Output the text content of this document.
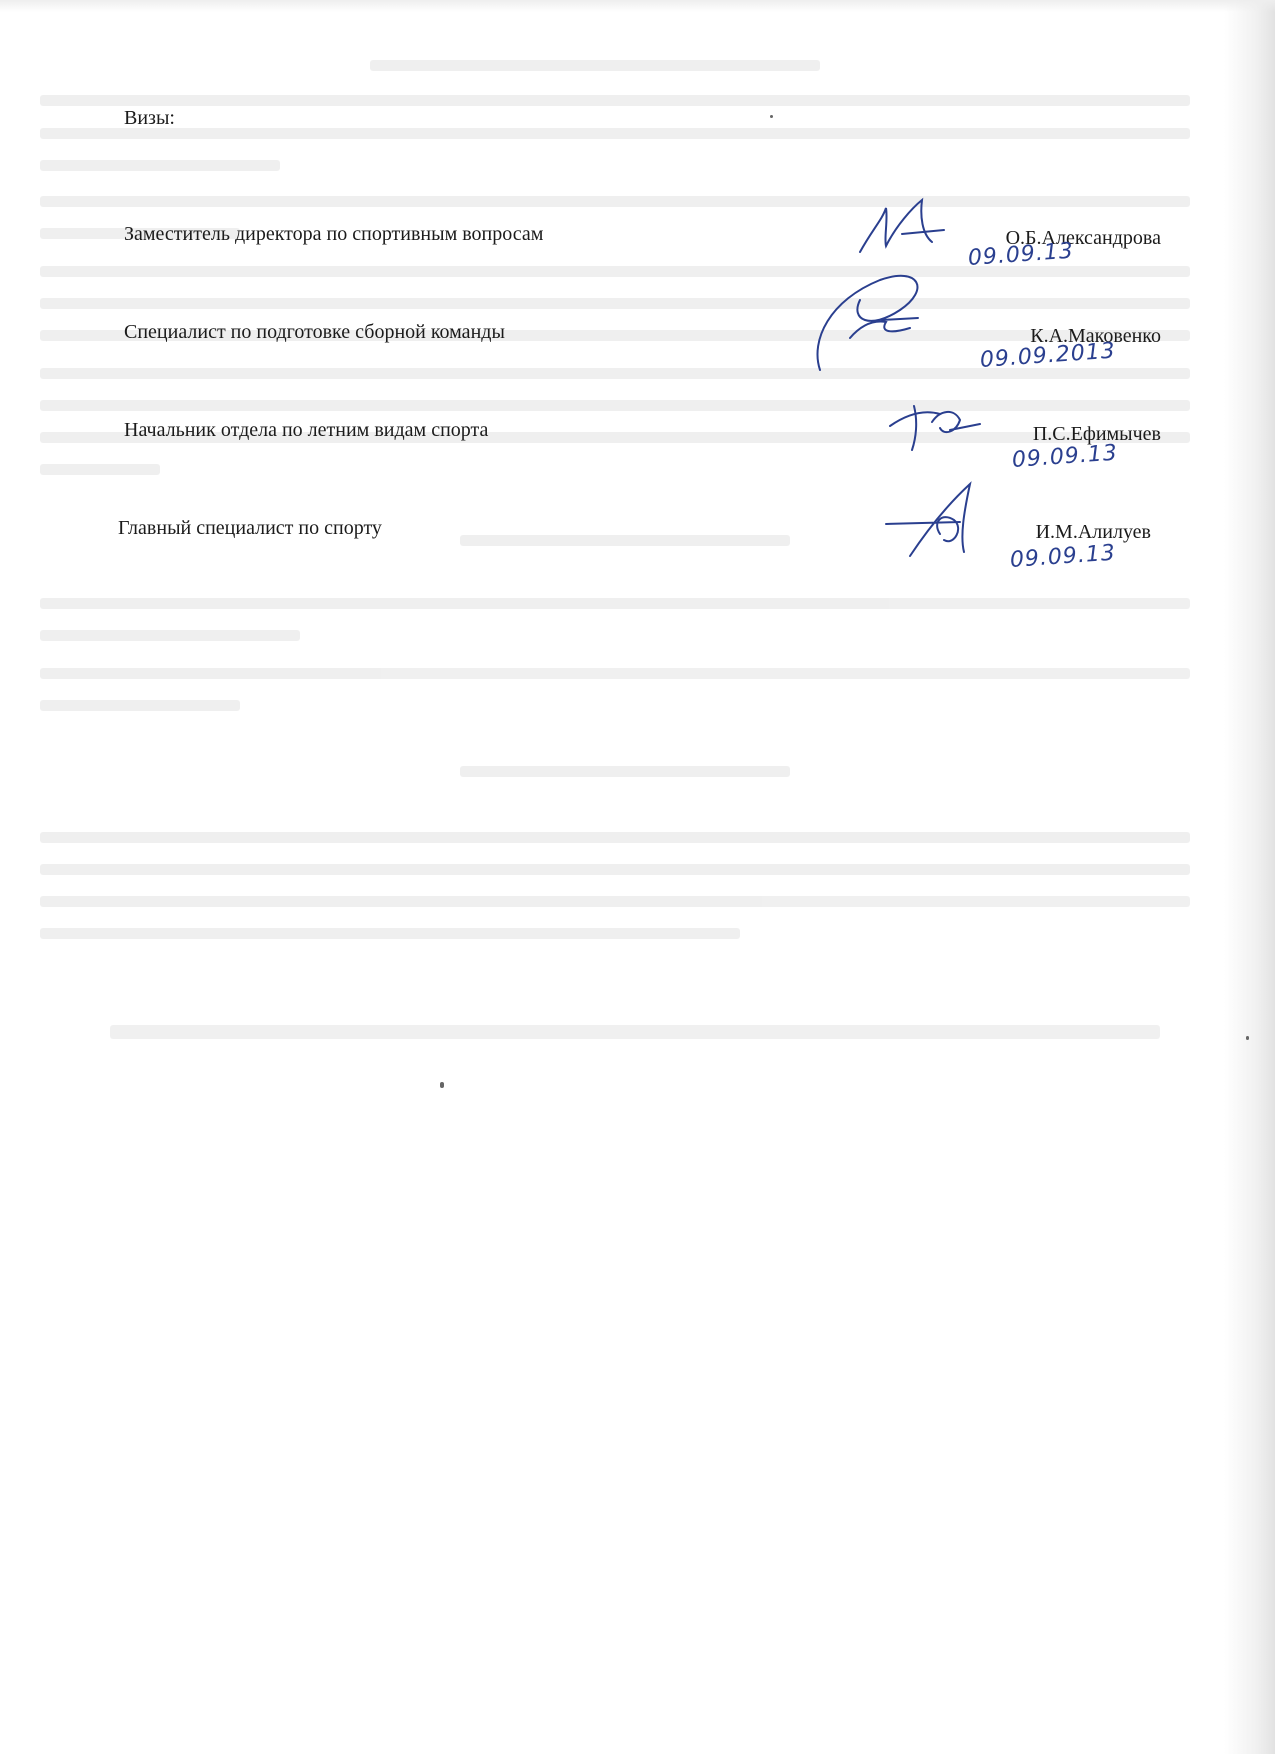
Визы:
Заместитель директора по спортивным вопросам	О.Б.Александрова
09.09.13
Специалист по подготовке сборной команды	К.А.Маковенко
09.09.2013
Начальник отдела по летним видам спорта	П.С.Ефимычев
09.09.13
Главный специалист по спорту	И.М.Алилуев
09.09.13
